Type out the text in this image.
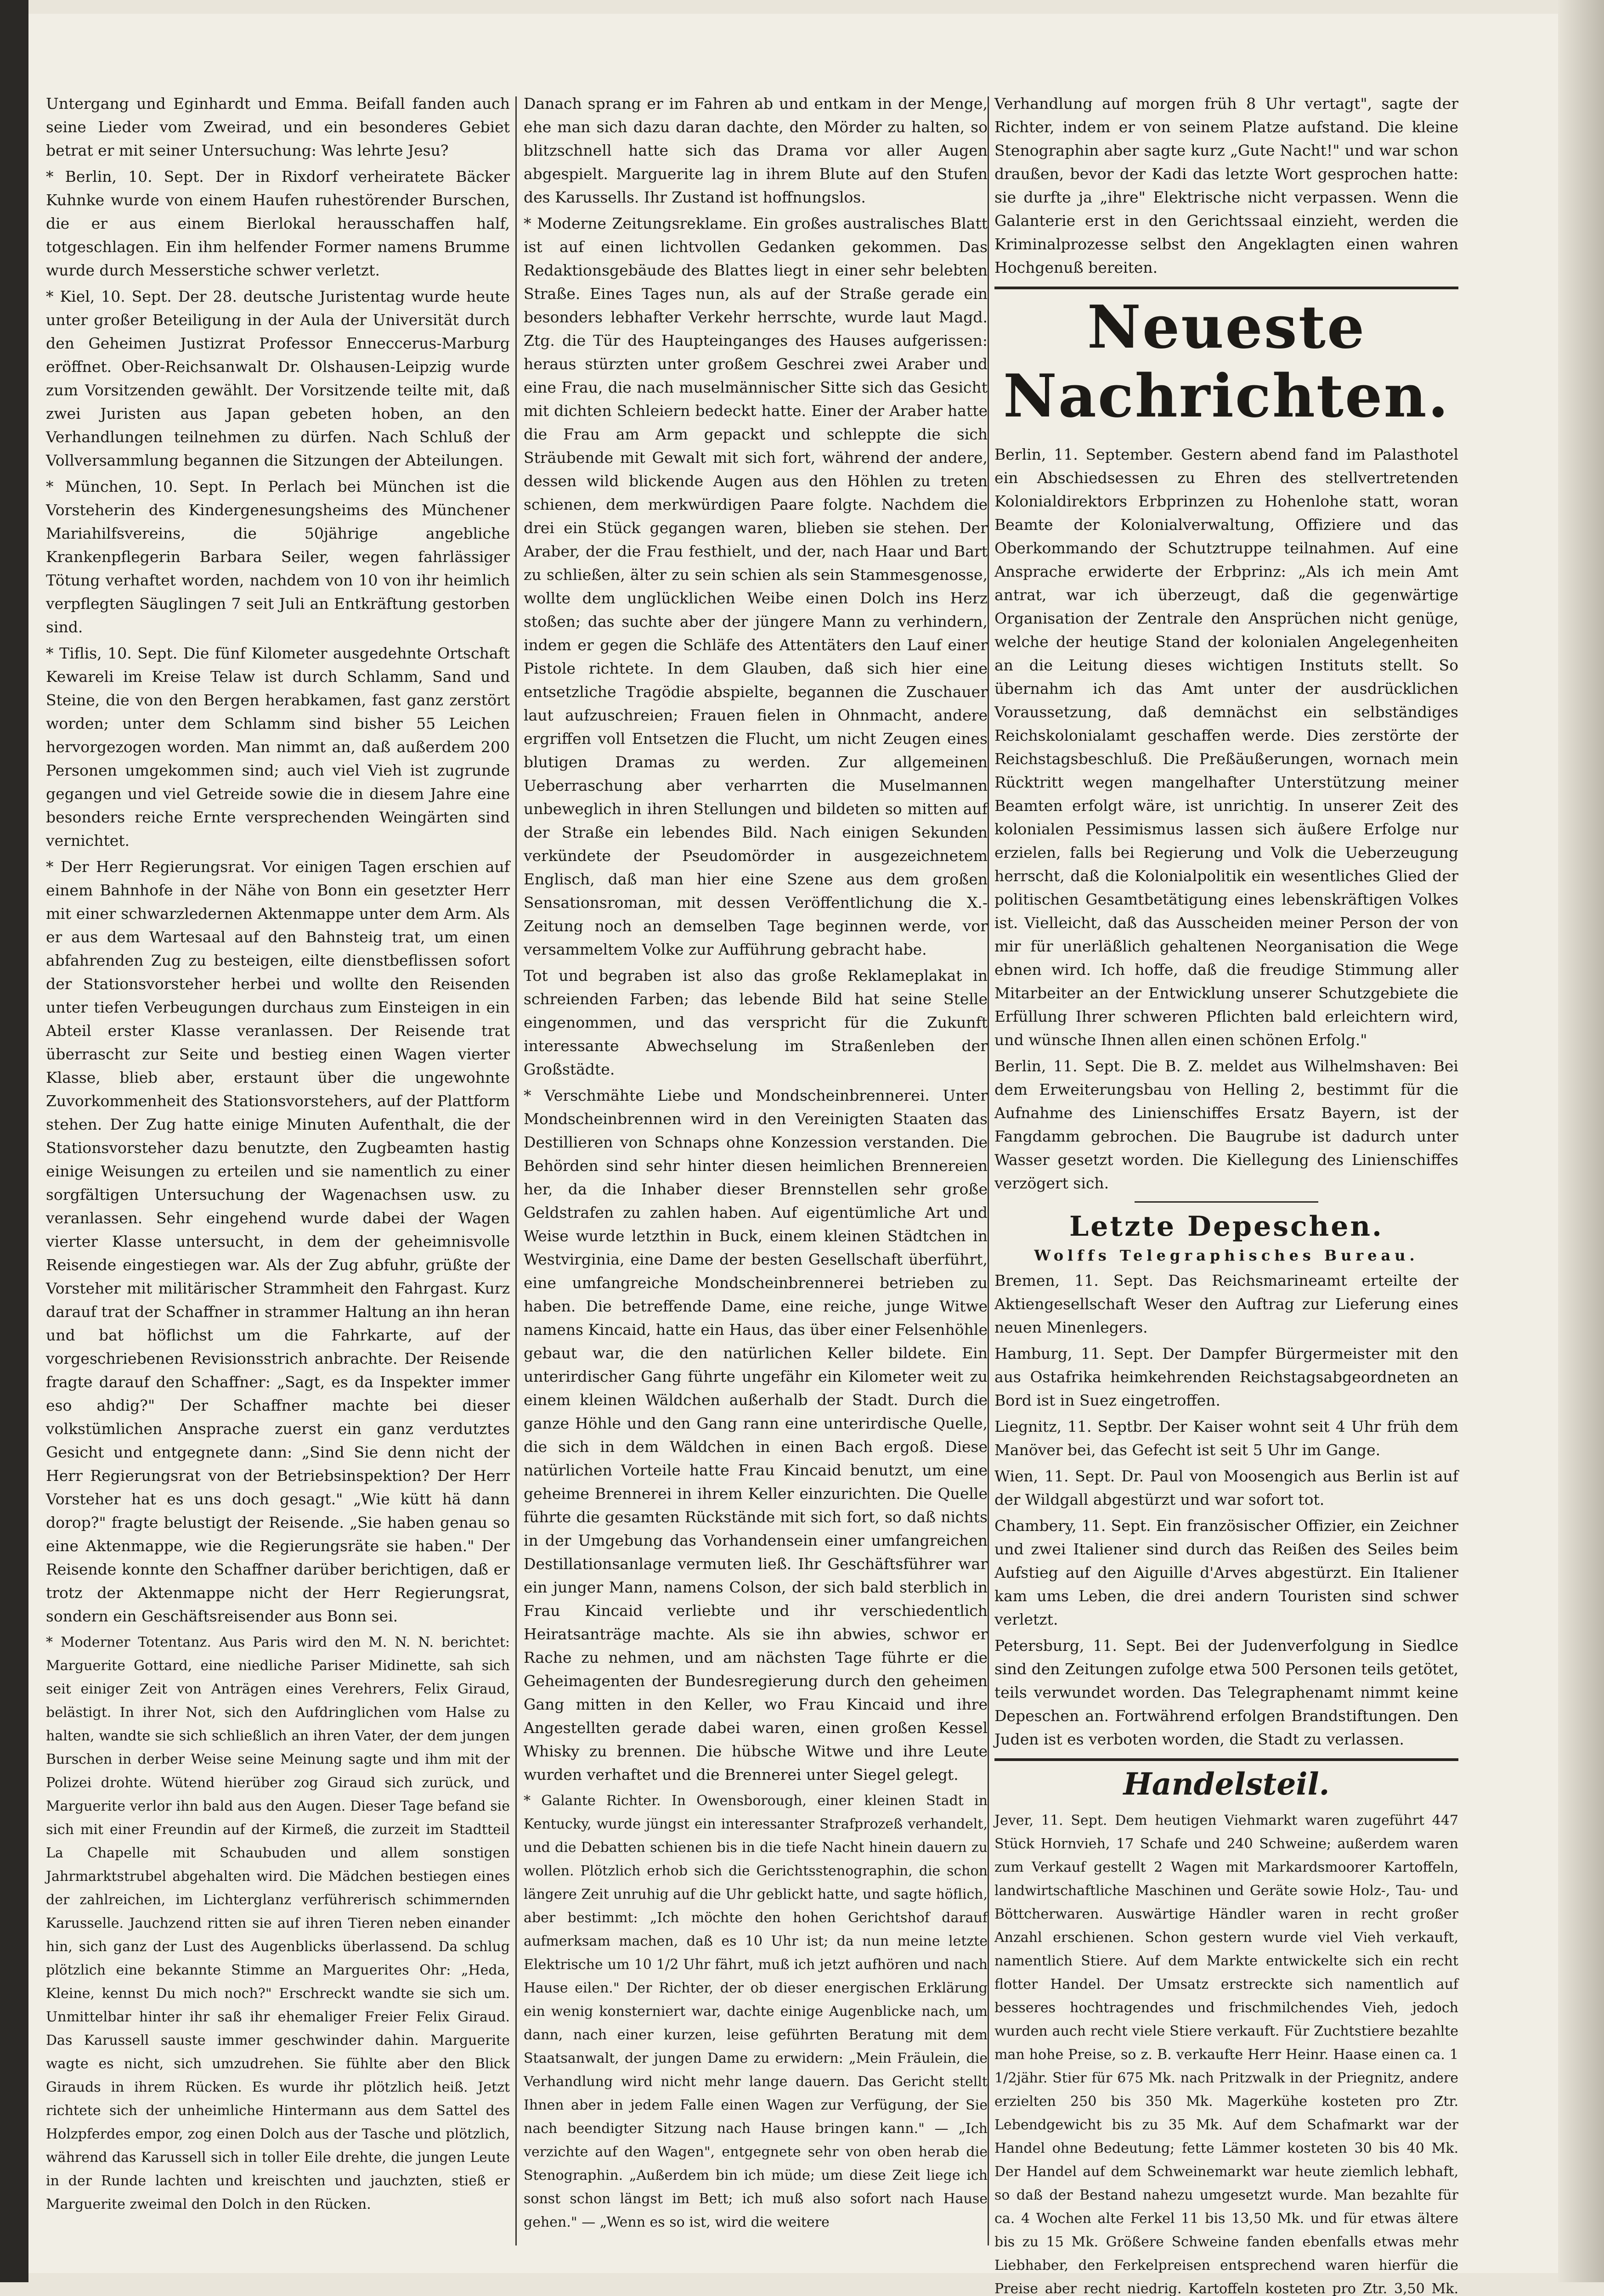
Untergang und Eginhardt und Emma. Beifall fanden auch seine Lieder vom Zweirad, und ein besonderes Gebiet betrat er mit seiner Untersuchung: Was lehrte Jesu?

* Berlin, 10. Sept. Der in Rixdorf verheiratete Bäcker Kuhnke wurde von einem Haufen ruhestörender Burschen, die er aus einem Bierlokal herausschaffen half, totgeschlagen. Ein ihm helfender Former namens Brumme wurde durch Messerstiche schwer verletzt.

* Kiel, 10. Sept. Der 28. deutsche Juristentag wurde heute unter großer Beteiligung in der Aula der Universität durch den Geheimen Justizrat Professor Enneccerus-Marburg eröffnet. Ober-Reichsanwalt Dr. Olshausen-Leipzig wurde zum Vorsitzenden gewählt. Der Vorsitzende teilte mit, daß zwei Juristen aus Japan gebeten hoben, an den Verhandlungen teilnehmen zu dürfen. Nach Schluß der Vollversammlung begannen die Sitzungen der Abteilungen.

* München, 10. Sept. In Perlach bei München ist die Vorsteherin des Kindergenesungsheims des Münchener Mariahilfsvereins, die 50jährige angebliche Krankenpflegerin Barbara Seiler, wegen fahrlässiger Tötung verhaftet worden, nachdem von 10 von ihr heimlich verpflegten Säuglingen 7 seit Juli an Entkräftung gestorben sind.

* Tiflis, 10. Sept. Die fünf Kilometer ausgedehnte Ortschaft Kewareli im Kreise Telaw ist durch Schlamm, Sand und Steine, die von den Bergen herabkamen, fast ganz zerstört worden; unter dem Schlamm sind bisher 55 Leichen hervorgezogen worden. Man nimmt an, daß außerdem 200 Personen umgekommen sind; auch viel Vieh ist zugrunde gegangen und viel Getreide sowie die in diesem Jahre eine besonders reiche Ernte versprechenden Weingärten sind vernichtet.

* Der Herr Regierungsrat. Vor einigen Tagen erschien auf einem Bahnhofe in der Nähe von Bonn ein gesetzter Herr mit einer schwarzledernen Aktenmappe unter dem Arm. Als er aus dem Wartesaal auf den Bahnsteig trat, um einen abfahrenden Zug zu besteigen, eilte dienstbeflissen sofort der Stationsvorsteher herbei und wollte den Reisenden unter tiefen Verbeugungen durchaus zum Einsteigen in ein Abteil erster Klasse veranlassen. Der Reisende trat überrascht zur Seite und bestieg einen Wagen vierter Klasse, blieb aber, erstaunt über die ungewohnte Zuvorkommenheit des Stationsvorstehers, auf der Plattform stehen. Der Zug hatte einige Minuten Aufenthalt, die der Stationsvorsteher dazu benutzte, den Zugbeamten hastig einige Weisungen zu erteilen und sie namentlich zu einer sorgfältigen Untersuchung der Wagenachsen usw. zu veranlassen. Sehr eingehend wurde dabei der Wagen vierter Klasse untersucht, in dem der geheimnisvolle Reisende eingestiegen war. Als der Zug abfuhr, grüßte der Vorsteher mit militärischer Strammheit den Fahrgast. Kurz darauf trat der Schaffner in strammer Haltung an ihn heran und bat höflichst um die Fahrkarte, auf der vorgeschriebenen Revisionsstrich anbrachte. Der Reisende fragte darauf den Schaffner: „Sagt, es da Inspekter immer eso ahdig?" Der Schaffner machte bei dieser volkstümlichen Ansprache zuerst ein ganz verdutztes Gesicht und entgegnete dann: „Sind Sie denn nicht der Herr Regierungsrat von der Betriebsinspektion? Der Herr Vorsteher hat es uns doch gesagt." „Wie kütt hä dann dorop?" fragte belustigt der Reisende. „Sie haben genau so eine Aktenmappe, wie die Regierungsräte sie haben." Der Reisende konnte den Schaffner darüber berichtigen, daß er trotz der Aktenmappe nicht der Herr Regierungsrat, sondern ein Geschäftsreisender aus Bonn sei.

* Moderner Totentanz. Aus Paris wird den M. N. N. berichtet: Marguerite Gottard, eine niedliche Pariser Midinette, sah sich seit einiger Zeit von Anträgen eines Verehrers, Felix Giraud, belästigt. In ihrer Not, sich den Aufdringlichen vom Halse zu halten, wandte sie sich schließlich an ihren Vater, der dem jungen Burschen in derber Weise seine Meinung sagte und ihm mit der Polizei drohte. Wütend hierüber zog Giraud sich zurück, und Marguerite verlor ihn bald aus den Augen. Dieser Tage befand sie sich mit einer Freundin auf der Kirmeß, die zurzeit im Stadtteil La Chapelle mit Schaubuden und allem sonstigen Jahrmarktstrubel abgehalten wird. Die Mädchen bestiegen eines der zahlreichen, im Lichterglanz verführerisch schimmernden Karusselle. Jauchzend ritten sie auf ihren Tieren neben einander hin, sich ganz der Lust des Augenblicks überlassend. Da schlug plötzlich eine bekannte Stimme an Marguerites Ohr: „Heda, Kleine, kennst Du mich noch?" Erschreckt wandte sie sich um. Unmittelbar hinter ihr saß ihr ehemaliger Freier Felix Giraud. Das Karussell sauste immer geschwinder dahin. Marguerite wagte es nicht, sich umzudrehen. Sie fühlte aber den Blick Girauds in ihrem Rücken. Es wurde ihr plötzlich heiß. Jetzt richtete sich der unheimliche Hintermann aus dem Sattel des Holzpferdes empor, zog einen Dolch aus der Tasche und plötzlich, während das Karussell sich in toller Eile drehte, die jungen Leute in der Runde lachten und kreischten und jauchzten, stieß er Marguerite zweimal den Dolch in den Rücken.

Danach sprang er im Fahren ab und entkam in der Menge, ehe man sich dazu daran dachte, den Mörder zu halten, so blitzschnell hatte sich das Drama vor aller Augen abgespielt. Marguerite lag in ihrem Blute auf den Stufen des Karussells. Ihr Zustand ist hoffnungslos.

* Moderne Zeitungsreklame. Ein großes australisches Blatt ist auf einen lichtvollen Gedanken gekommen. Das Redaktionsgebäude des Blattes liegt in einer sehr belebten Straße. Eines Tages nun, als auf der Straße gerade ein besonders lebhafter Verkehr herrschte, wurde laut Magd. Ztg. die Tür des Haupteinganges des Hauses aufgerissen: heraus stürzten unter großem Geschrei zwei Araber und eine Frau, die nach muselmännischer Sitte sich das Gesicht mit dichten Schleiern bedeckt hatte. Einer der Araber hatte die Frau am Arm gepackt und schleppte die sich Sträubende mit Gewalt mit sich fort, während der andere, dessen wild blickende Augen aus den Höhlen zu treten schienen, dem merkwürdigen Paare folgte. Nachdem die drei ein Stück gegangen waren, blieben sie stehen. Der Araber, der die Frau festhielt, und der, nach Haar und Bart zu schließen, älter zu sein schien als sein Stammesgenosse, wollte dem unglücklichen Weibe einen Dolch ins Herz stoßen; das suchte aber der jüngere Mann zu verhindern, indem er gegen die Schläfe des Attentäters den Lauf einer Pistole richtete. In dem Glauben, daß sich hier eine entsetzliche Tragödie abspielte, begannen die Zuschauer laut aufzuschreien; Frauen fielen in Ohnmacht, andere ergriffen voll Entsetzen die Flucht, um nicht Zeugen eines blutigen Dramas zu werden. Zur allgemeinen Ueberraschung aber verharrten die Muselmannen unbeweglich in ihren Stellungen und bildeten so mitten auf der Straße ein lebendes Bild. Nach einigen Sekunden verkündete der Pseudomörder in ausgezeichnetem Englisch, daß man hier eine Szene aus dem großen Sensationsroman, mit dessen Veröffentlichung die X.-Zeitung noch an demselben Tage beginnen werde, vor versammeltem Volke zur Aufführung gebracht habe.

Tot und begraben ist also das große Reklameplakat in schreienden Farben; das lebende Bild hat seine Stelle eingenommen, und das verspricht für die Zukunft interessante Abwechselung im Straßenleben der Großstädte.

* Verschmähte Liebe und Mondscheinbrennerei. Unter Mondscheinbrennen wird in den Vereinigten Staaten das Destillieren von Schnaps ohne Konzession verstanden. Die Behörden sind sehr hinter diesen heimlichen Brennereien her, da die Inhaber dieser Brennstellen sehr große Geldstrafen zu zahlen haben. Auf eigentümliche Art und Weise wurde letzthin in Buck, einem kleinen Städtchen in Westvirginia, eine Dame der besten Gesellschaft überführt, eine umfangreiche Mondscheinbrennerei betrieben zu haben. Die betreffende Dame, eine reiche, junge Witwe namens Kincaid, hatte ein Haus, das über einer Felsenhöhle gebaut war, die den natürlichen Keller bildete. Ein unterirdischer Gang führte ungefähr ein Kilometer weit zu einem kleinen Wäldchen außerhalb der Stadt. Durch die ganze Höhle und den Gang rann eine unterirdische Quelle, die sich in dem Wäldchen in einen Bach ergoß. Diese natürlichen Vorteile hatte Frau Kincaid benutzt, um eine geheime Brennerei in ihrem Keller einzurichten. Die Quelle führte die gesamten Rückstände mit sich fort, so daß nichts in der Umgebung das Vorhandensein einer umfangreichen Destillationsanlage vermuten ließ. Ihr Geschäftsführer war ein junger Mann, namens Colson, der sich bald sterblich in Frau Kincaid verliebte und ihr verschiedentlich Heiratsanträge machte. Als sie ihn abwies, schwor er Rache zu nehmen, und am nächsten Tage führte er die Geheimagenten der Bundesregierung durch den geheimen Gang mitten in den Keller, wo Frau Kincaid und ihre Angestellten gerade dabei waren, einen großen Kessel Whisky zu brennen. Die hübsche Witwe und ihre Leute wurden verhaftet und die Brennerei unter Siegel gelegt.

* Galante Richter. In Owensborough, einer kleinen Stadt in Kentucky, wurde jüngst ein interessanter Strafprozeß verhandelt, und die Debatten schienen bis in die tiefe Nacht hinein dauern zu wollen. Plötzlich erhob sich die Gerichtsstenographin, die schon längere Zeit unruhig auf die Uhr geblickt hatte, und sagte höflich, aber bestimmt: „Ich möchte den hohen Gerichtshof darauf aufmerksam machen, daß es 10 Uhr ist; da nun meine letzte Elektrische um 10 1/2 Uhr fährt, muß ich jetzt aufhören und nach Hause eilen." Der Richter, der ob dieser energischen Erklärung ein wenig konsterniert war, dachte einige Augenblicke nach, um dann, nach einer kurzen, leise geführten Beratung mit dem Staatsanwalt, der jungen Dame zu erwidern: „Mein Fräulein, die Verhandlung wird nicht mehr lange dauern. Das Gericht stellt Ihnen aber in jedem Falle einen Wagen zur Verfügung, der Sie nach beendigter Sitzung nach Hause bringen kann." — „Ich verzichte auf den Wagen", entgegnete sehr von oben herab die Stenographin. „Außerdem bin ich müde; um diese Zeit liege ich sonst schon längst im Bett; ich muß also sofort nach Hause gehen." — „Wenn es so ist, wird die weitere

Verhandlung auf morgen früh 8 Uhr vertagt", sagte der Richter, indem er von seinem Platze aufstand. Die kleine Stenographin aber sagte kurz „Gute Nacht!" und war schon draußen, bevor der Kadi das letzte Wort gesprochen hatte: sie durfte ja „ihre" Elektrische nicht verpassen. Wenn die Galanterie erst in den Gerichtssaal einzieht, werden die Kriminalprozesse selbst den Angeklagten einen wahren Hochgenuß bereiten.

Neueste Nachrichten.

Berlin, 11. September. Gestern abend fand im Palasthotel ein Abschiedsessen zu Ehren des stellvertretenden Kolonialdirektors Erbprinzen zu Hohenlohe statt, woran Beamte der Kolonialverwaltung, Offiziere und das Oberkommando der Schutztruppe teilnahmen. Auf eine Ansprache erwiderte der Erbprinz: „Als ich mein Amt antrat, war ich überzeugt, daß die gegenwärtige Organisation der Zentrale den Ansprüchen nicht genüge, welche der heutige Stand der kolonialen Angelegenheiten an die Leitung dieses wichtigen Instituts stellt. So übernahm ich das Amt unter der ausdrücklichen Voraussetzung, daß demnächst ein selbständiges Reichskolonialamt geschaffen werde. Dies zerstörte der Reichstagsbeschluß. Die Preßäußerungen, wornach mein Rücktritt wegen mangelhafter Unterstützung meiner Beamten erfolgt wäre, ist unrichtig. In unserer Zeit des kolonialen Pessimismus lassen sich äußere Erfolge nur erzielen, falls bei Regierung und Volk die Ueberzeugung herrscht, daß die Kolonialpolitik ein wesentliches Glied der politischen Gesamtbetätigung eines lebenskräftigen Volkes ist. Vielleicht, daß das Ausscheiden meiner Person der von mir für unerläßlich gehaltenen Neorganisation die Wege ebnen wird. Ich hoffe, daß die freudige Stimmung aller Mitarbeiter an der Entwicklung unserer Schutzgebiete die Erfüllung Ihrer schweren Pflichten bald erleichtern wird, und wünsche Ihnen allen einen schönen Erfolg."

Berlin, 11. Sept. Die B. Z. meldet aus Wilhelmshaven: Bei dem Erweiterungsbau von Helling 2, bestimmt für die Aufnahme des Linienschiffes Ersatz Bayern, ist der Fangdamm gebrochen. Die Baugrube ist dadurch unter Wasser gesetzt worden. Die Kiellegung des Linienschiffes verzögert sich.

Letzte Depeschen.
Wolffs Telegraphisches Bureau.

Bremen, 11. Sept. Das Reichsmarineamt erteilte der Aktiengesellschaft Weser den Auftrag zur Lieferung eines neuen Minenlegers.

Hamburg, 11. Sept. Der Dampfer Bürgermeister mit den aus Ostafrika heimkehrenden Reichstagsabgeordneten an Bord ist in Suez eingetroffen.

Liegnitz, 11. Septbr. Der Kaiser wohnt seit 4 Uhr früh dem Manöver bei, das Gefecht ist seit 5 Uhr im Gange.

Wien, 11. Sept. Dr. Paul von Moosengich aus Berlin ist auf der Wildgall abgestürzt und war sofort tot.

Chambery, 11. Sept. Ein französischer Offizier, ein Zeichner und zwei Italiener sind durch das Reißen des Seiles beim Aufstieg auf den Aiguille d'Arves abgestürzt. Ein Italiener kam ums Leben, die drei andern Touristen sind schwer verletzt.

Petersburg, 11. Sept. Bei der Judenverfolgung in Siedlce sind den Zeitungen zufolge etwa 500 Personen teils getötet, teils verwundet worden. Das Telegraphenamt nimmt keine Depeschen an. Fortwährend erfolgen Brandstiftungen. Den Juden ist es verboten worden, die Stadt zu verlassen.

Handelsteil.

Jever, 11. Sept. Dem heutigen Viehmarkt waren zugeführt 447 Stück Hornvieh, 17 Schafe und 240 Schweine; außerdem waren zum Verkauf gestellt 2 Wagen mit Markardsmoorer Kartoffeln, landwirtschaftliche Maschinen und Geräte sowie Holz-, Tau- und Böttcherwaren. Auswärtige Händler waren in recht großer Anzahl erschienen. Schon gestern wurde viel Vieh verkauft, namentlich Stiere. Auf dem Markte entwickelte sich ein recht flotter Handel. Der Umsatz erstreckte sich namentlich auf besseres hochtragendes und frischmilchendes Vieh, jedoch wurden auch recht viele Stiere verkauft. Für Zuchtstiere bezahlte man hohe Preise, so z. B. verkaufte Herr Heinr. Haase einen ca. 1 1/2jähr. Stier für 675 Mk. nach Pritzwalk in der Priegnitz, andere erzielten 250 bis 350 Mk. Magerkühe kosteten pro Ztr. Lebendgewicht bis zu 35 Mk. Auf dem Schafmarkt war der Handel ohne Bedeutung; fette Lämmer kosteten 30 bis 40 Mk. Der Handel auf dem Schweinemarkt war heute ziemlich lebhaft, so daß der Bestand nahezu umgesetzt wurde. Man bezahlte für ca. 4 Wochen alte Ferkel 11 bis 13,50 Mk. und für etwas ältere bis zu 15 Mk. Größere Schweine fanden ebenfalls etwas mehr Liebhaber, den Ferkelpreisen entsprechend waren hierfür die Preise aber recht niedrig. Kartoffeln kosteten pro Ztr. 3,50 Mk.
